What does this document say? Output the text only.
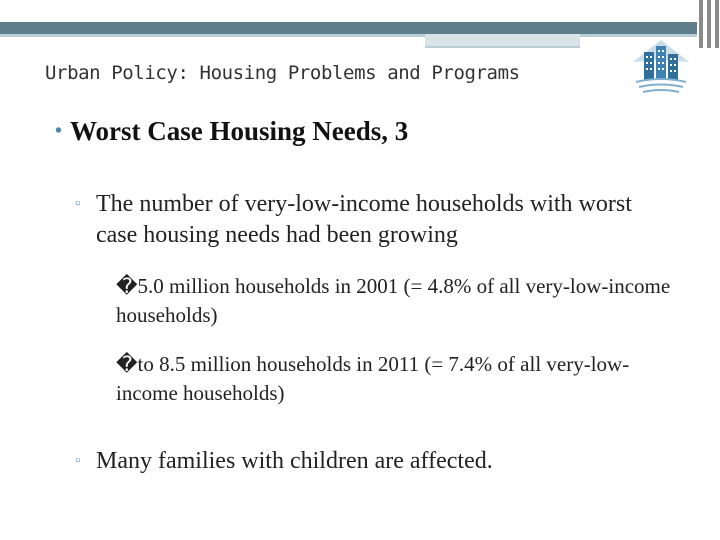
Urban Policy: Housing Problems and Programs
• Worst Case Housing Needs, 3
▫ The number of very-low-income households with worst case housing needs had been growing
�5.0 million households in 2001 (= 4.8% of all very-low-income households)
�to 8.5 million households in 2011 (= 7.4% of all very-low- income households)
▫ Many families with children are affected.
